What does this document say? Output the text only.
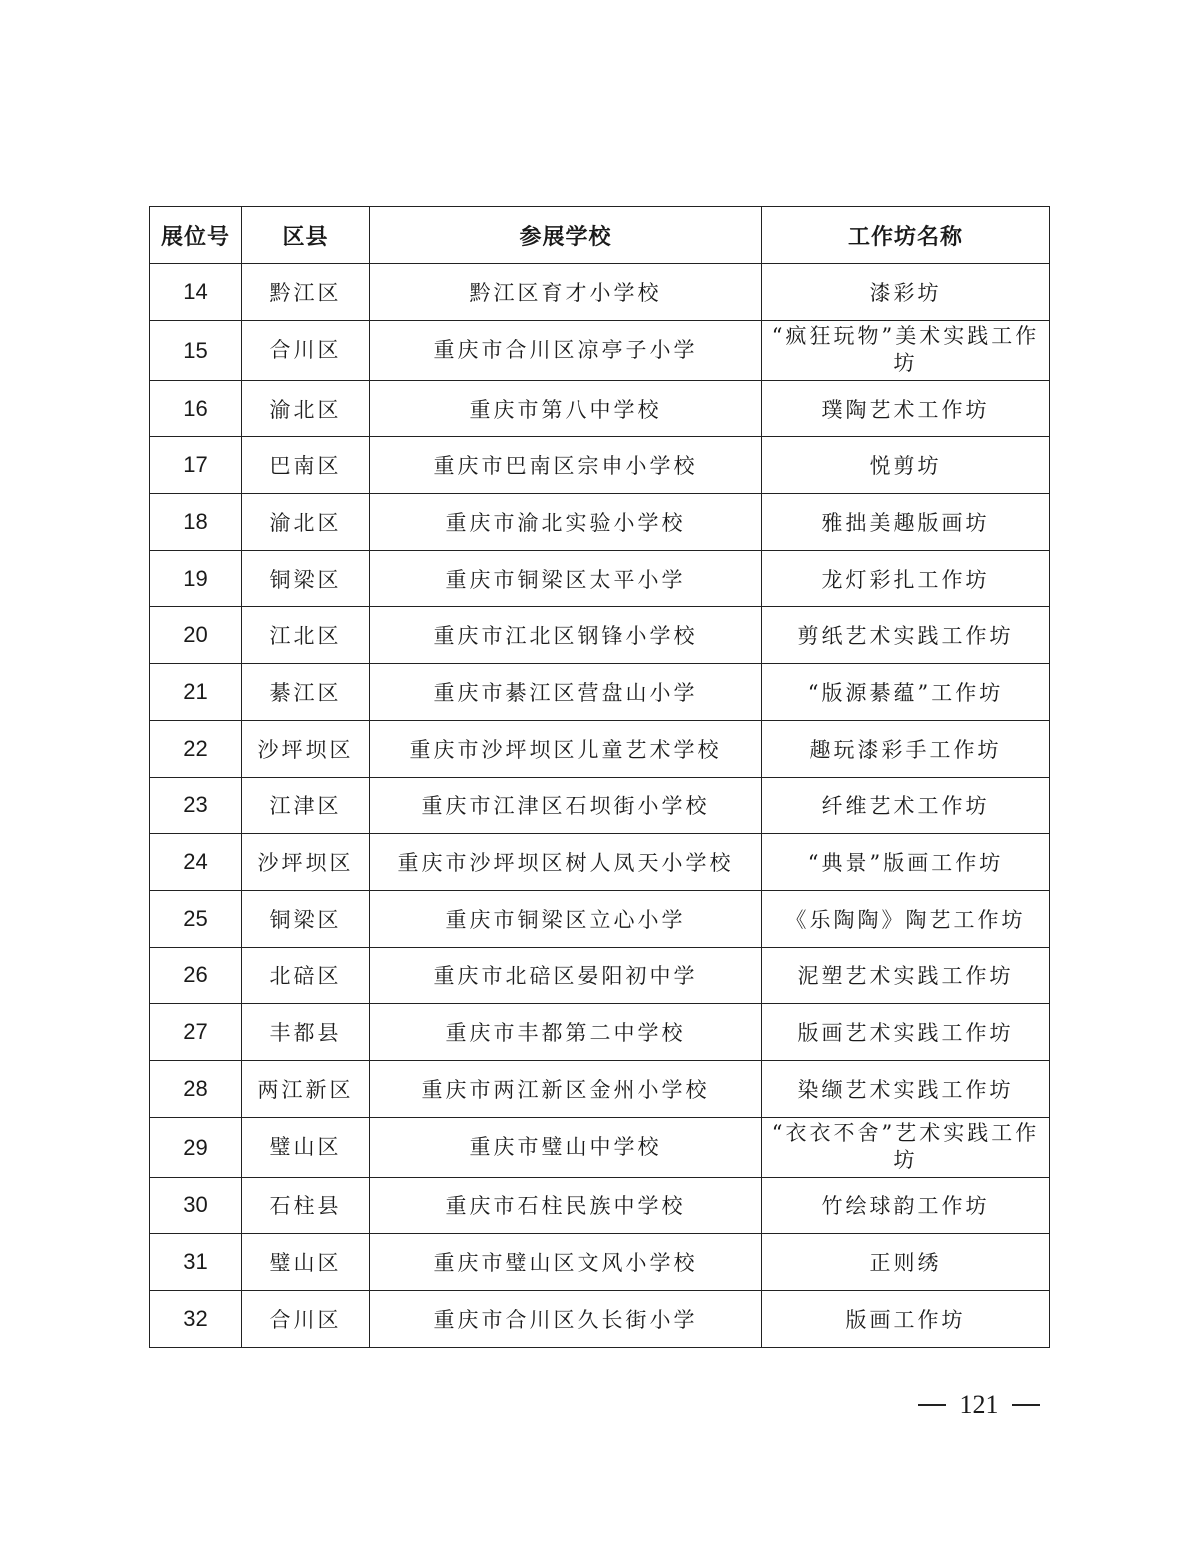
展位号	区县	参展学校	工作坊名称
14	黔江区	黔江区育才小学校	漆彩坊
15	合川区	重庆市合川区凉亭子小学	“疯狂玩物”美术实践工作坊
16	渝北区	重庆市第八中学校	璞陶艺术工作坊
17	巴南区	重庆市巴南区宗申小学校	悦剪坊
18	渝北区	重庆市渝北实验小学校	雅拙美趣版画坊
19	铜梁区	重庆市铜梁区太平小学	龙灯彩扎工作坊
20	江北区	重庆市江北区钢锋小学校	剪纸艺术实践工作坊
21	綦江区	重庆市綦江区营盘山小学	“版源綦蕴”工作坊
22	沙坪坝区	重庆市沙坪坝区儿童艺术学校	趣玩漆彩手工作坊
23	江津区	重庆市江津区石坝街小学校	纤维艺术工作坊
24	沙坪坝区	重庆市沙坪坝区树人凤天小学校	“典景”版画工作坊
25	铜梁区	重庆市铜梁区立心小学	《乐陶陶》陶艺工作坊
26	北碚区	重庆市北碚区晏阳初中学	泥塑艺术实践工作坊
27	丰都县	重庆市丰都第二中学校	版画艺术实践工作坊
28	两江新区	重庆市两江新区金州小学校	染缬艺术实践工作坊
29	璧山区	重庆市璧山中学校	“衣衣不舍”艺术实践工作坊
30	石柱县	重庆市石柱民族中学校	竹绘球韵工作坊
31	璧山区	重庆市璧山区文风小学校	正则绣
32	合川区	重庆市合川区久长街小学	版画工作坊
121
